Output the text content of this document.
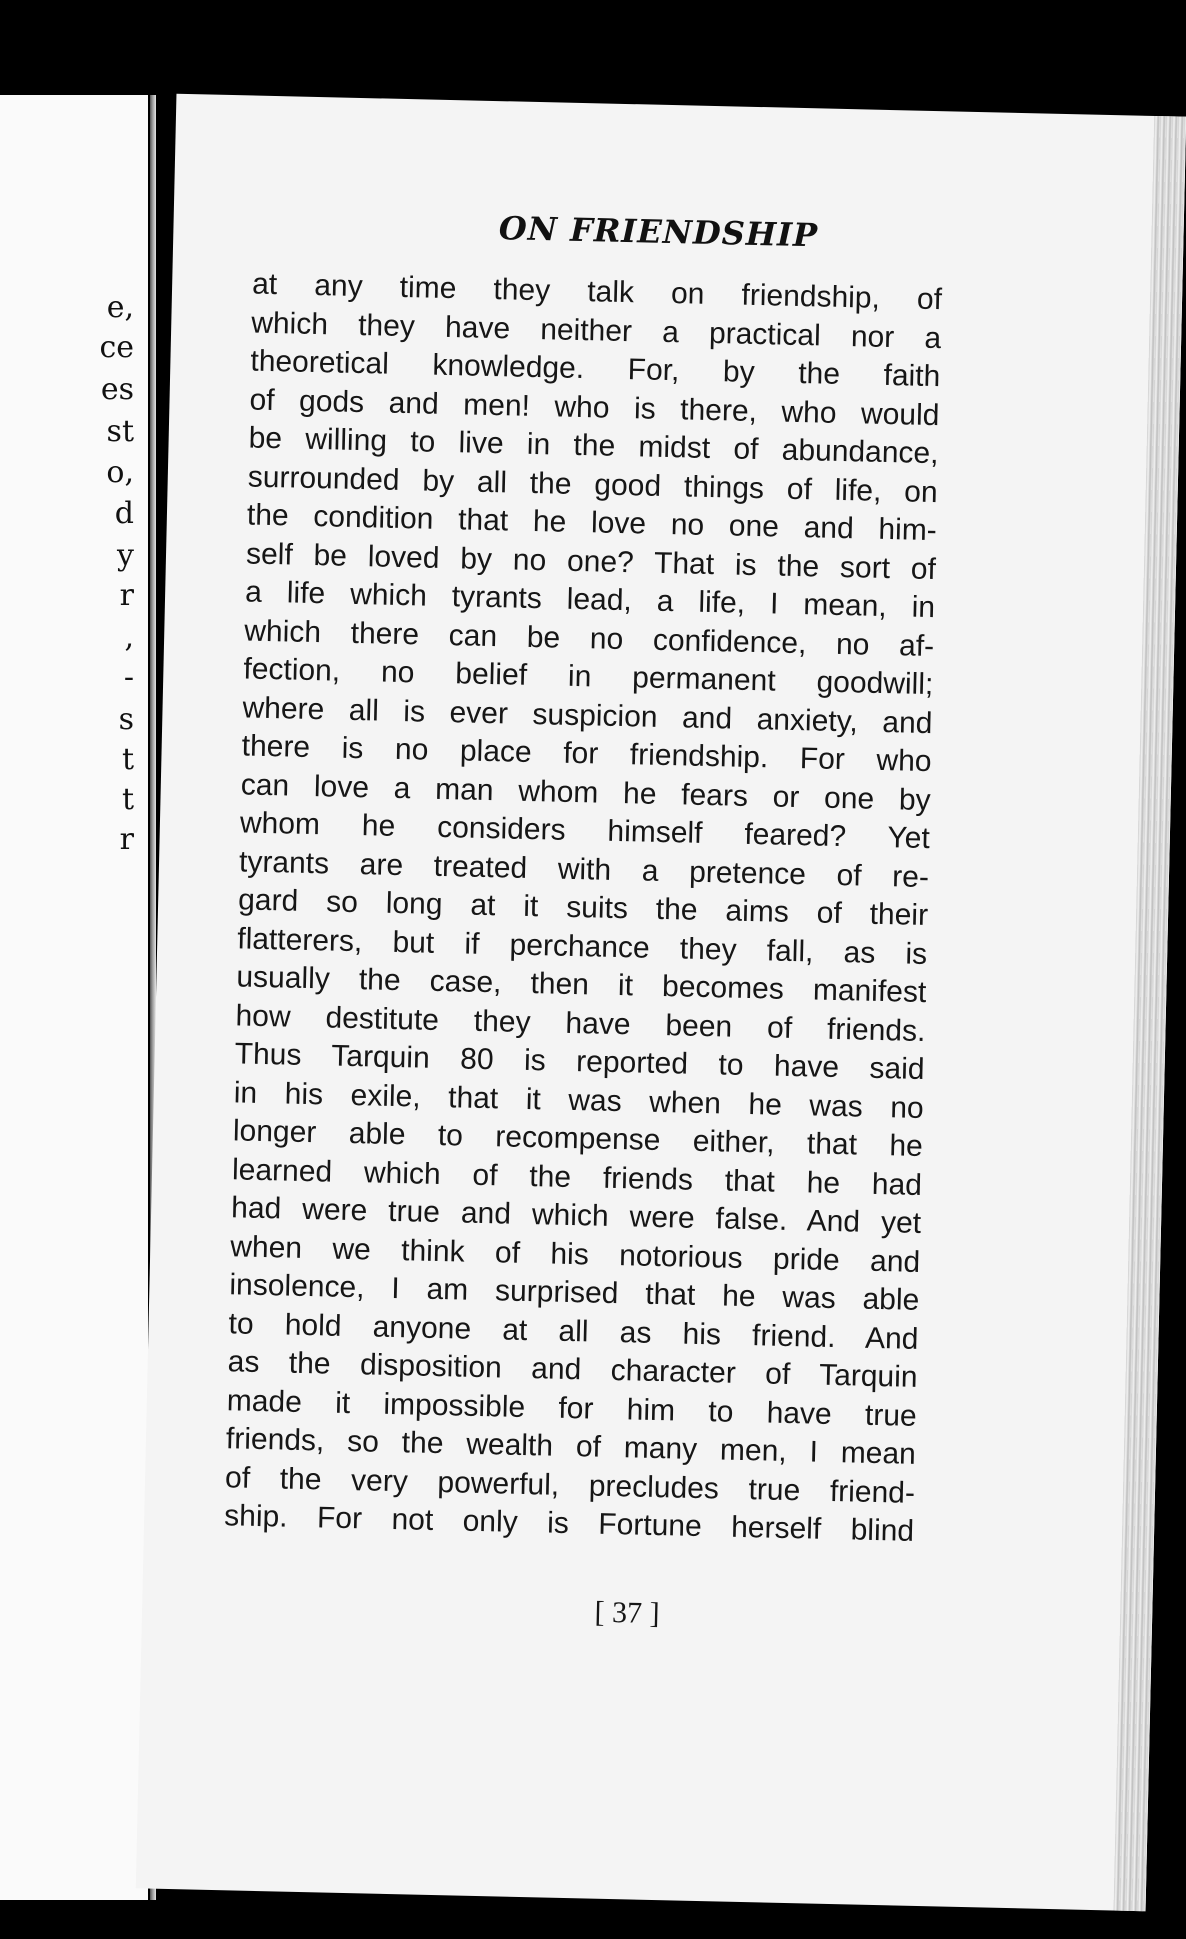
e,
ce
es
st
o,
d
y
r
,
-
s
t
t
r
ON FRIENDSHIP
at any time they talk on friendship, of
which they have neither a practical nor a
theoretical knowledge. For, by the faith
of gods and men! who is there, who would
be willing to live in the midst of abundance,
surrounded by all the good things of life, on
the condition that he love no one and him-
self be loved by no one? That is the sort of
a life which tyrants lead, a life, I mean, in
which there can be no confidence, no af-
fection, no belief in permanent goodwill;
where all is ever suspicion and anxiety, and
there is no place for friendship. For who
can love a man whom he fears or one by
whom he considers himself feared? Yet
tyrants are treated with a pretence of re-
gard so long at it suits the aims of their
flatterers, but if perchance they fall, as is
usually the case, then it becomes manifest
how destitute they have been of friends.
Thus Tarquin 80 is reported to have said
in his exile, that it was when he was no
longer able to recompense either, that he
learned which of the friends that he had
had were true and which were false. And yet
when we think of his notorious pride and
insolence, I am surprised that he was able
to hold anyone at all as his friend. And
as the disposition and character of Tarquin
made it impossible for him to have true
friends, so the wealth of many men, I mean
of the very powerful, precludes true friend-
ship. For not only is Fortune herself blind
[ 37 ]
